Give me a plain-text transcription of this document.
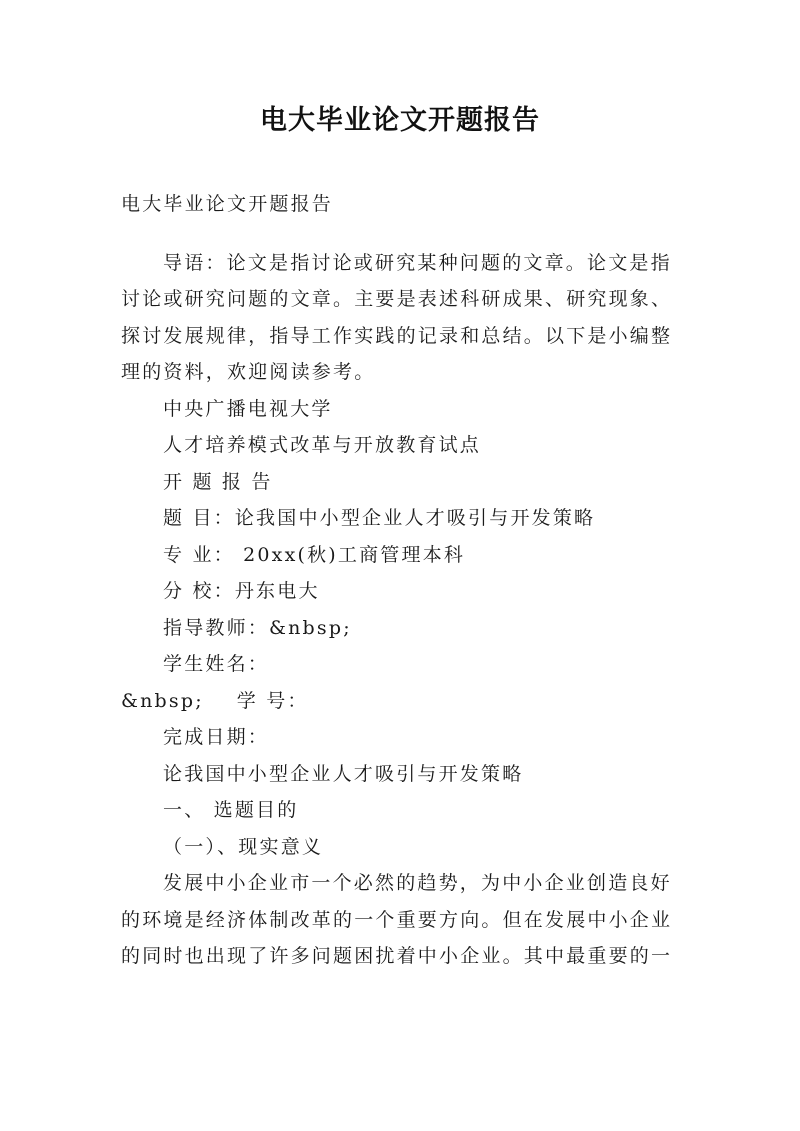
电大毕业论文开题报告
电大毕业论文开题报告
导语：论文是指讨论或研究某种问题的文章。论文是指
讨论或研究问题的文章。主要是表述科研成果、研究现象、
探讨发展规律，指导工作实践的记录和总结。以下是小编整
理的资料，欢迎阅读参考。
中央广播电视大学
人才培养模式改革与开放教育试点
开 题 报 告
题 目：论我国中小型企业人才吸引与开发策略
专 业： 20xx(秋)工商管理本科
分 校：丹东电大
指导教师：&nbsp;
学生姓名：
&nbsp;    学 号：
完成日期：
论我国中小型企业人才吸引与开发策略
一、 选题目的
（一）、现实意义
发展中小企业市一个必然的趋势，为中小企业创造良好
的环境是经济体制改革的一个重要方向。但在发展中小企业
的同时也出现了许多问题困扰着中小企业。其中最重要的一
